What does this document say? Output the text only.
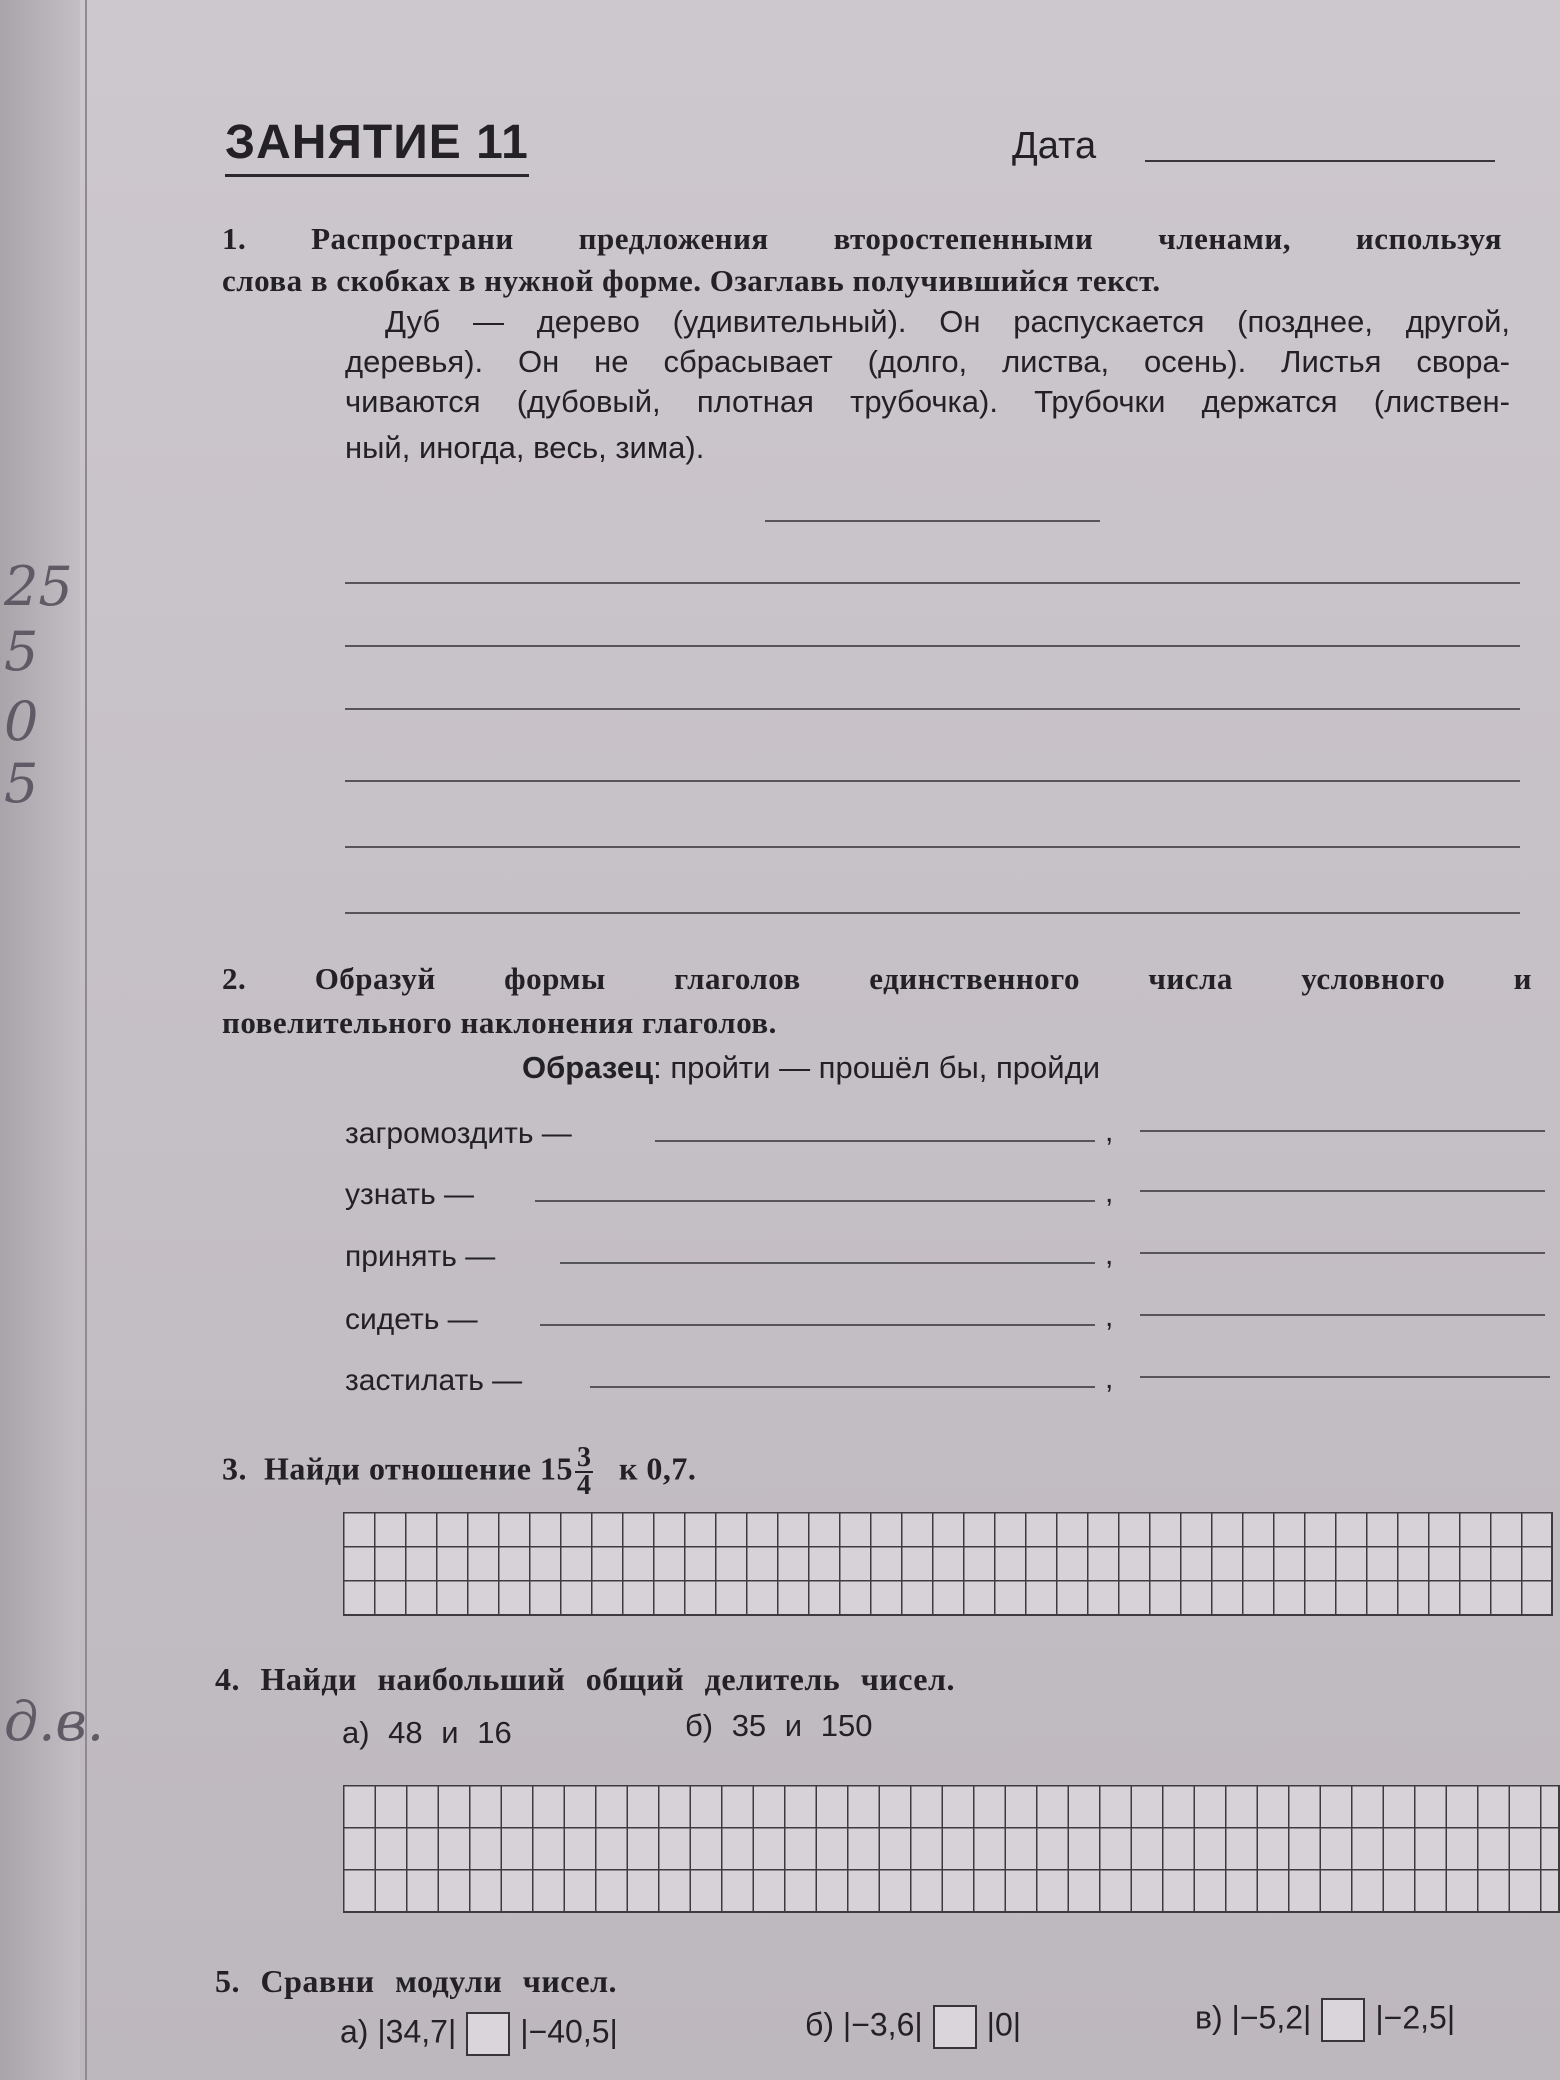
25
5
0
5
д.в.
ЗАНЯТИЕ 11	Дата
1. Распространи предложения второстепенными членами, используя
слова в скобках в нужной форме. Озаглавь получившийся текст.
Дуб — дерево (удивительный). Он распускается (позднее, другой,
деревья). Он не сбрасывает (долго, листва, осень). Листья свора-
чиваются (дубовый, плотная трубочка). Трубочки держатся (листвен-
ный, иногда, весь, зима).
2. Образуй формы глаголов единственного числа условного и
повелительного наклонения глаголов.
Образец: пройти — прошёл бы, пройди
загромоздить —	,
узнать —	,
принять —	,
сидеть —	,
застилать —	,
3. Найди отношение $15 \frac{3}{4}$ к 0,7.
4. Найди наибольший общий делитель чисел.
а) 48 и 16	б) 35 и 150
5. Сравни модули чисел.
а) |34,7| |−40,5|	б) |−3,6| |0|	в) |−5,2| |−2,5|
